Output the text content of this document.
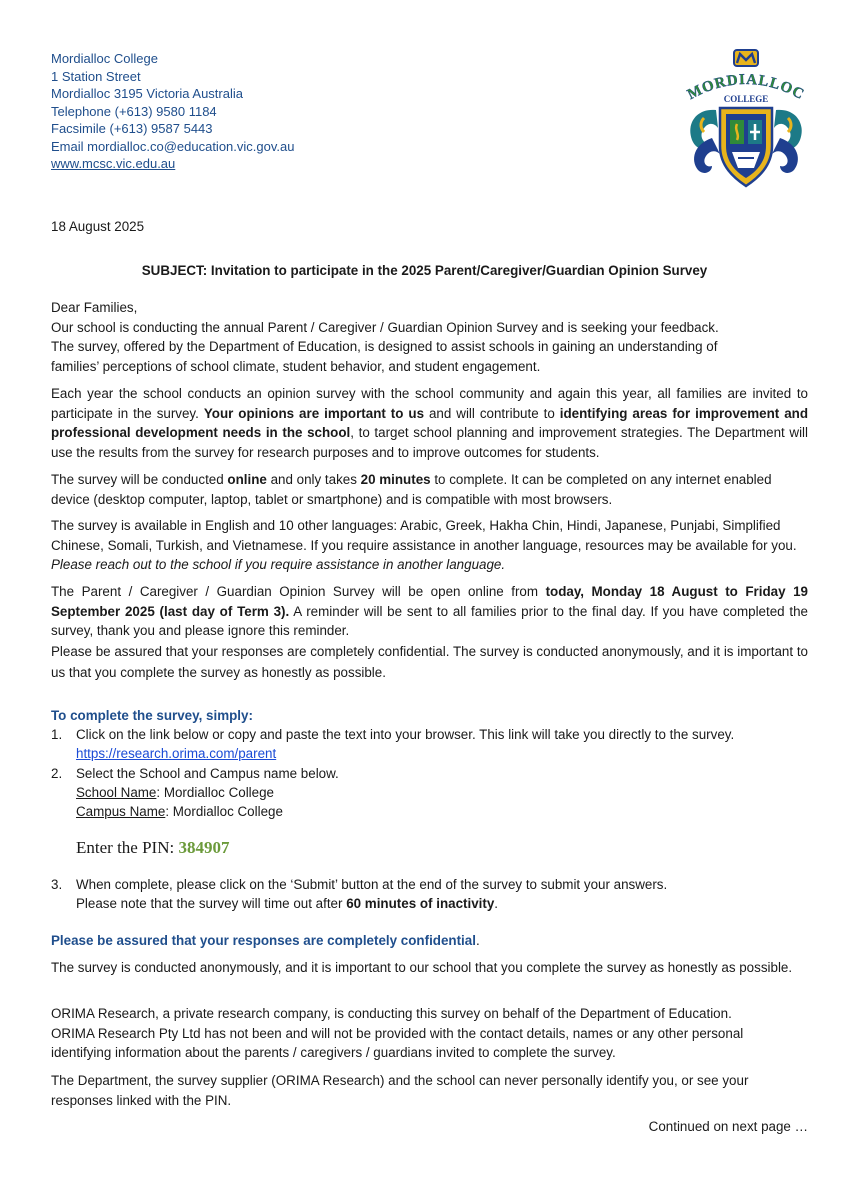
Mordialloc College
1 Station Street
Mordialloc 3195 Victoria Australia
Telephone (+613) 9580 1184
Facsimile (+613) 9587 5443
Email mordialloc.co@education.vic.gov.au
www.mcsc.vic.edu.au
MORDIALLOC
COLLEGE
18 August 2025
SUBJECT: Invitation to participate in the 2025 Parent/Caregiver/Guardian Opinion Survey
Dear Families,
Our school is conducting the annual Parent / Caregiver / Guardian Opinion Survey and is seeking your feedback.
The survey, offered by the Department of Education, is designed to assist schools in gaining an understanding of
families’ perceptions of school climate, student behavior, and student engagement.

Each year the school conducts an opinion survey with the school community and again this year, all families are invited to participate in the survey. Your opinions are important to us and will contribute to identifying areas for improvement and professional development needs in the school, to target school planning and improvement strategies. The Department will use the results from the survey for research purposes and to improve outcomes for students.

The survey will be conducted online and only takes 20 minutes to complete. It can be completed on any internet enabled device (desktop computer, laptop, tablet or smartphone) and is compatible with most browsers.

The survey is available in English and 10 other languages: Arabic, Greek, Hakha Chin, Hindi, Japanese, Punjabi, Simplified Chinese, Somali, Turkish, and Vietnamese. If you require assistance in another language, resources may be available for you. Please reach out to the school if you require assistance in another language.

The Parent / Caregiver / Guardian Opinion Survey will be open online from today, Monday 18 August to Friday 19 September 2025 (last day of Term 3). A reminder will be sent to all families prior to the final day. If you have completed the survey, thank you and please ignore this reminder.

Please be assured that your responses are completely confidential. The survey is conducted anonymously, and it is important to us that you complete the survey as honestly as possible.
To complete the survey, simply:
1. Click on the link below or copy and paste the text into your browser. This link will take you directly to the survey.
https://research.orima.com/parent
2. Select the School and Campus name below.
School Name: Mordialloc College
Campus Name: Mordialloc College
Enter the PIN: 384907
3. When complete, please click on the ‘Submit’ button at the end of the survey to submit your answers.
Please note that the survey will time out after 60 minutes of inactivity.
Please be assured that your responses are completely confidential.
The survey is conducted anonymously, and it is important to our school that you complete the survey as honestly as possible.
ORIMA Research, a private research company, is conducting this survey on behalf of the Department of Education.
ORIMA Research Pty Ltd has not been and will not be provided with the contact details, names or any other personal
identifying information about the parents / caregivers / guardians invited to complete the survey.
The Department, the survey supplier (ORIMA Research) and the school can never personally identify you, or see your
responses linked with the PIN.
Continued on next page …
